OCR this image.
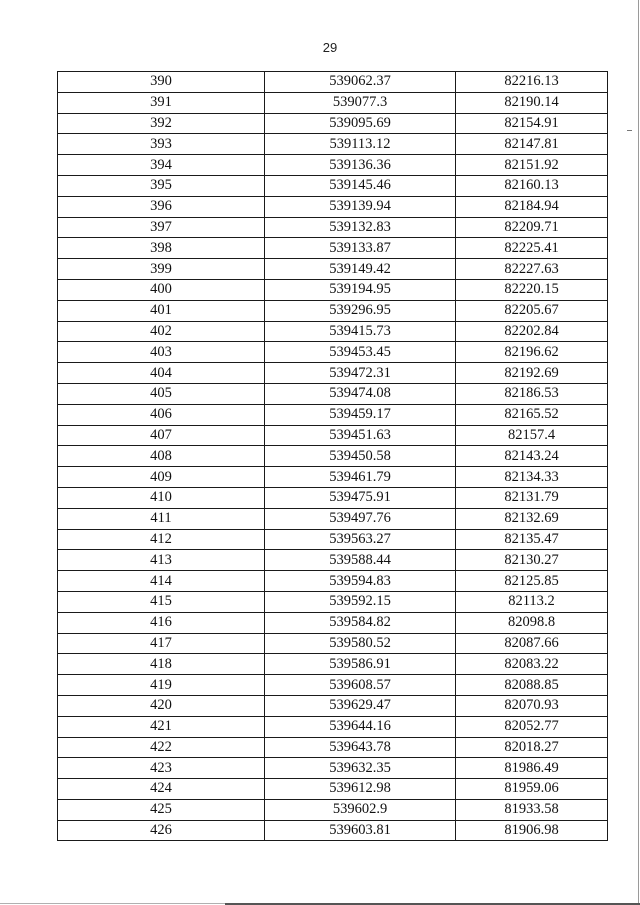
29
390	539062.37	82216.13
391	539077.3	82190.14
392	539095.69	82154.91
393	539113.12	82147.81
394	539136.36	82151.92
395	539145.46	82160.13
396	539139.94	82184.94
397	539132.83	82209.71
398	539133.87	82225.41
399	539149.42	82227.63
400	539194.95	82220.15
401	539296.95	82205.67
402	539415.73	82202.84
403	539453.45	82196.62
404	539472.31	82192.69
405	539474.08	82186.53
406	539459.17	82165.52
407	539451.63	82157.4
408	539450.58	82143.24
409	539461.79	82134.33
410	539475.91	82131.79
411	539497.76	82132.69
412	539563.27	82135.47
413	539588.44	82130.27
414	539594.83	82125.85
415	539592.15	82113.2
416	539584.82	82098.8
417	539580.52	82087.66
418	539586.91	82083.22
419	539608.57	82088.85
420	539629.47	82070.93
421	539644.16	82052.77
422	539643.78	82018.27
423	539632.35	81986.49
424	539612.98	81959.06
425	539602.9	81933.58
426	539603.81	81906.98
